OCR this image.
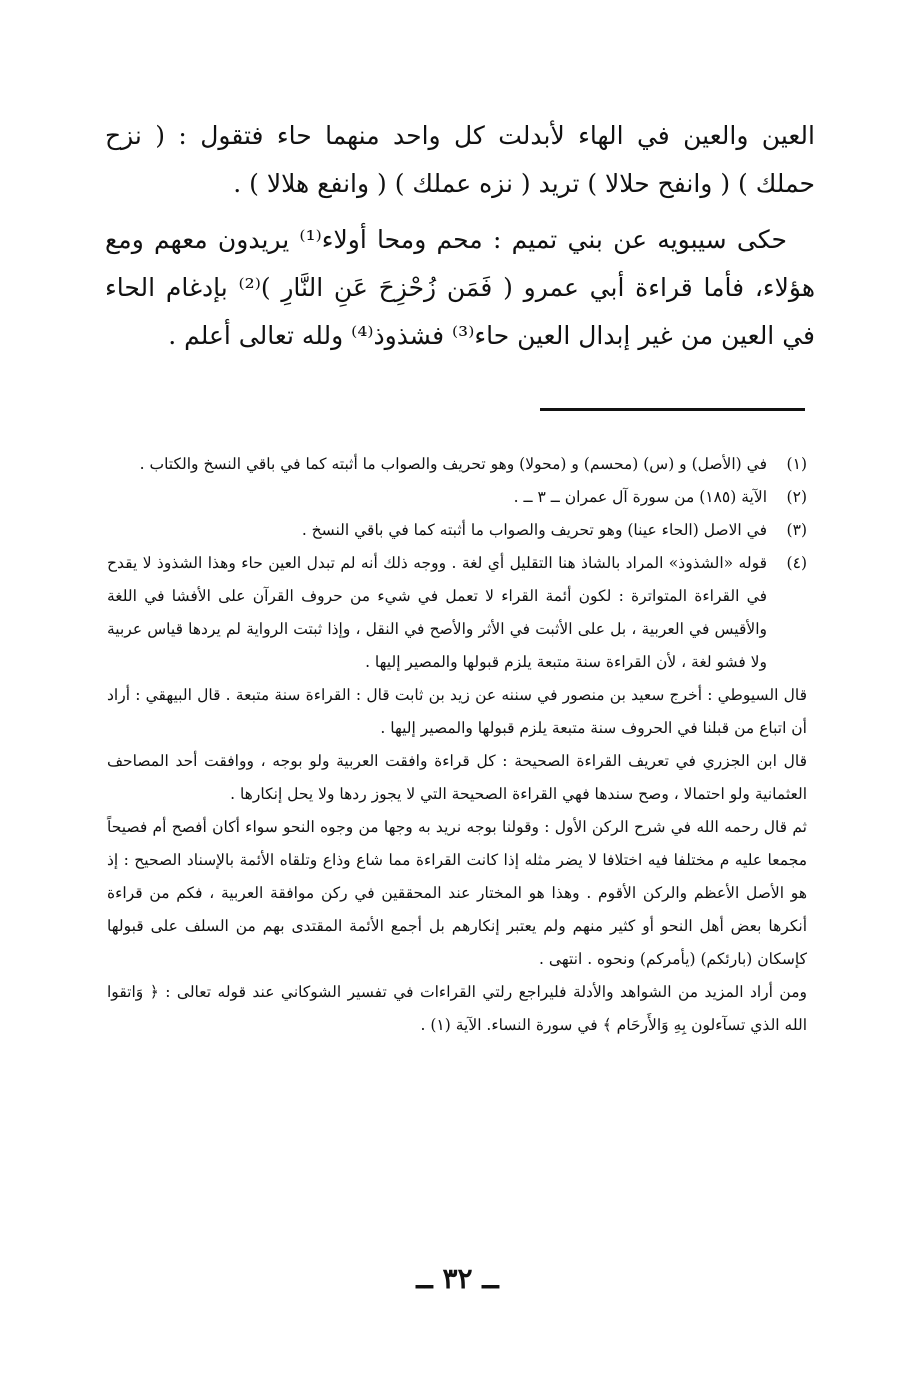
العين والعين في الهاء لأبدلت كل واحد منهما حاء فتقول : ( نزح حملك ) ( وانفح حلالا ) تريد ( نزه عملك ) ( وانفع هلالا ) .

حكى سيبويه عن بني تميم : محم ومحا أولاء⁽¹⁾ يريدون معهم ومع هؤلاء، فأما قراءة أبي عمرو ( فَمَن زُحْزِحَ عَنِ النَّارِ )⁽²⁾ بإدغام الحاء في العين من غير إبدال العين حاء⁽³⁾ فشذوذ⁽⁴⁾ ولله تعالى أعلم .

(١)

في (الأصل) و (س) (محسم) و (محولا) وهو تحريف والصواب ما أثبته كما في باقي النسخ والكتاب .

(٢)

الآية (١٨٥) من سورة آل عمران ــ ٣ ــ .

(٣)

في الاصل (الحاء عينا) وهو تحريف والصواب ما أثبته كما في باقي النسخ .

(٤)

قوله «الشذوذ» المراد بالشاذ هنا التقليل أي لغة . ووجه ذلك أنه لم تبدل العين حاء وهذا الشذوذ لا يقدح في القراءة المتواترة : لكون أئمة القراء لا تعمل في شيء من حروف القرآن على الأفشا في اللغة والأقيس في العربية ، بل على الأثبت في الأثر والأصح في النقل ، وإذا ثبتت الرواية لم يردها قياس عربية ولا فشو لغة ، لأن القراءة سنة متبعة يلزم قبولها والمصير إليها .

قال السيوطي : أخرج سعيد بن منصور في سننه عن زيد بن ثابت قال : القراءة سنة متبعة . قال البيهقي : أراد أن اتباع من قبلنا في الحروف سنة متبعة يلزم قبولها والمصير إليها .

قال ابن الجزري في تعريف القراءة الصحيحة : كل قراءة وافقت العربية ولو بوجه ، ووافقت أحد المصاحف العثمانية ولو احتمالا ، وصح سندها فهي القراءة الصحيحة التي لا يجوز ردها ولا يحل إنكارها .

ثم قال رحمه الله في شرح الركن الأول : وقولنا بوجه نريد به وجها من وجوه النحو سواء أكان أفصح أم فصيحاً مجمعا عليه م مختلفا فيه اختلافا لا يضر مثله إذا كانت القراءة مما شاع وذاع وتلقاه الأئمة بالإسناد الصحيح : إذ هو الأصل الأعظم والركن الأقوم . وهذا هو المختار عند المحققين في ركن موافقة العربية ، فكم من قراءة أنكرها بعض أهل النحو أو كثير منهم ولم يعتبر إنكارهم بل أجمع الأئمة المقتدى بهم من السلف على قبولها كإسكان (بارئكم) (يأمركم) ونحوه . انتهى .

ومن أراد المزيد من الشواهد والأدلة فليراجع رلتي القراءات في تفسير الشوكاني عند قوله تعالى : ﴿ وَاتقوا الله الذي تسآءلون بِهِ وَالأَرحَام ﴾ في سورة النساء. الآية (١) .

ــ ٣٢ ــ
